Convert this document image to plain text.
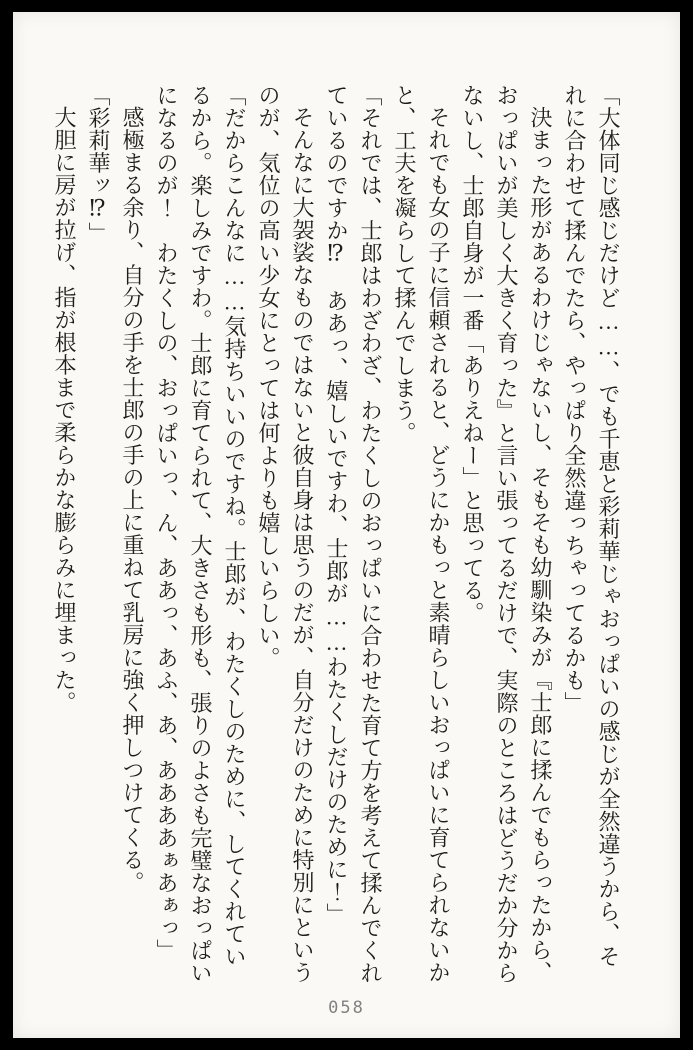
「大体同じ感じだけど……、でも千恵と彩莉華じゃおっぱいの感じが全然違うから、それに合わせて揉んでたら、やっぱり全然違っちゃってるかも」

決まった形があるわけじゃないし、そもそも幼馴染みが『士郎に揉んでもらったから、おっぱいが美しく大きく育った』と言い張ってるだけで、実際のところはどうだか分からないし、士郎自身が一番「ありえねー」と思ってる。

それでも女の子に信頼されると、どうにかもっと素晴らしいおっぱいに育てられないかと、工夫を凝らして揉んでしまう。

「それでは、士郎はわざわざ、わたくしのおっぱいに合わせた育て方を考えて揉んでくれているのですか⁉　ああっ、嬉しいですわ、士郎が……わたくしだけのために！」

そんなに大袈裟なものではないと彼自身は思うのだが、自分だけのために特別にというのが、気位の高い少女にとっては何よりも嬉しいらしい。

「だからこんなに……気持ちいいのですね。士郎が、わたくしのために、してくれているから。楽しみですわ。士郎に育てられて、大きさも形も、張りのよさも完璧なおっぱいになるのが！　わたくしの、おっぱいっ、ん、ああっ、あふ、あ、ああああぁあぁっ」

感極まる余り、自分の手を士郎の手の上に重ねて乳房に強く押しつけてくる。

「彩莉華ッ⁉」

大胆に房が拉げ、指が根本まで柔らかな膨らみに埋まった。

058
